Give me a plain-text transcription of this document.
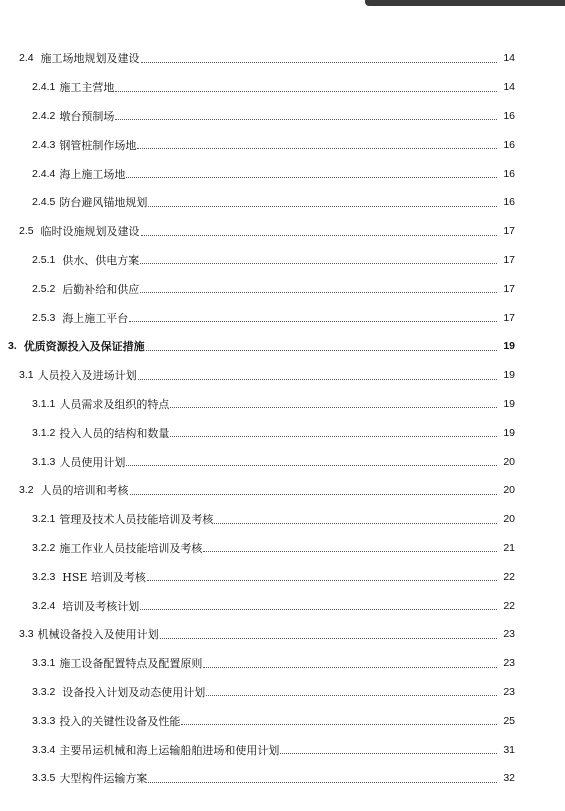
2.4 施工场地规划及建设	14
2.4.1 施工主营地	14
2.4.2 墩台预制场	16
2.4.3 钢管桩制作场地	16
2.4.4 海上施工场地	16
2.4.5 防台避风锚地规划	16
2.5 临时设施规划及建设	17
2.5.1 供水、供电方案	17
2.5.2 后勤补给和供应	17
2.5.3 海上施工平台	17
3. 优质资源投入及保证措施	19
3.1 人员投入及进场计划	19
3.1.1 人员需求及组织的特点	19
3.1.2 投入人员的结构和数量	19
3.1.3 人员使用计划	20
3.2 人员的培训和考核	20
3.2.1 管理及技术人员技能培训及考核	20
3.2.2 施工作业人员技能培训及考核	21
3.2.3 HSE 培训及考核	22
3.2.4 培训及考核计划	22
3.3 机械设备投入及使用计划	23
3.3.1 施工设备配置特点及配置原则	23
3.3.2 设备投入计划及动态使用计划	23
3.3.3 投入的关键性设备及性能	25
3.3.4 主要吊运机械和海上运输船舶进场和使用计划	31
3.3.5 大型构件运输方案	32
